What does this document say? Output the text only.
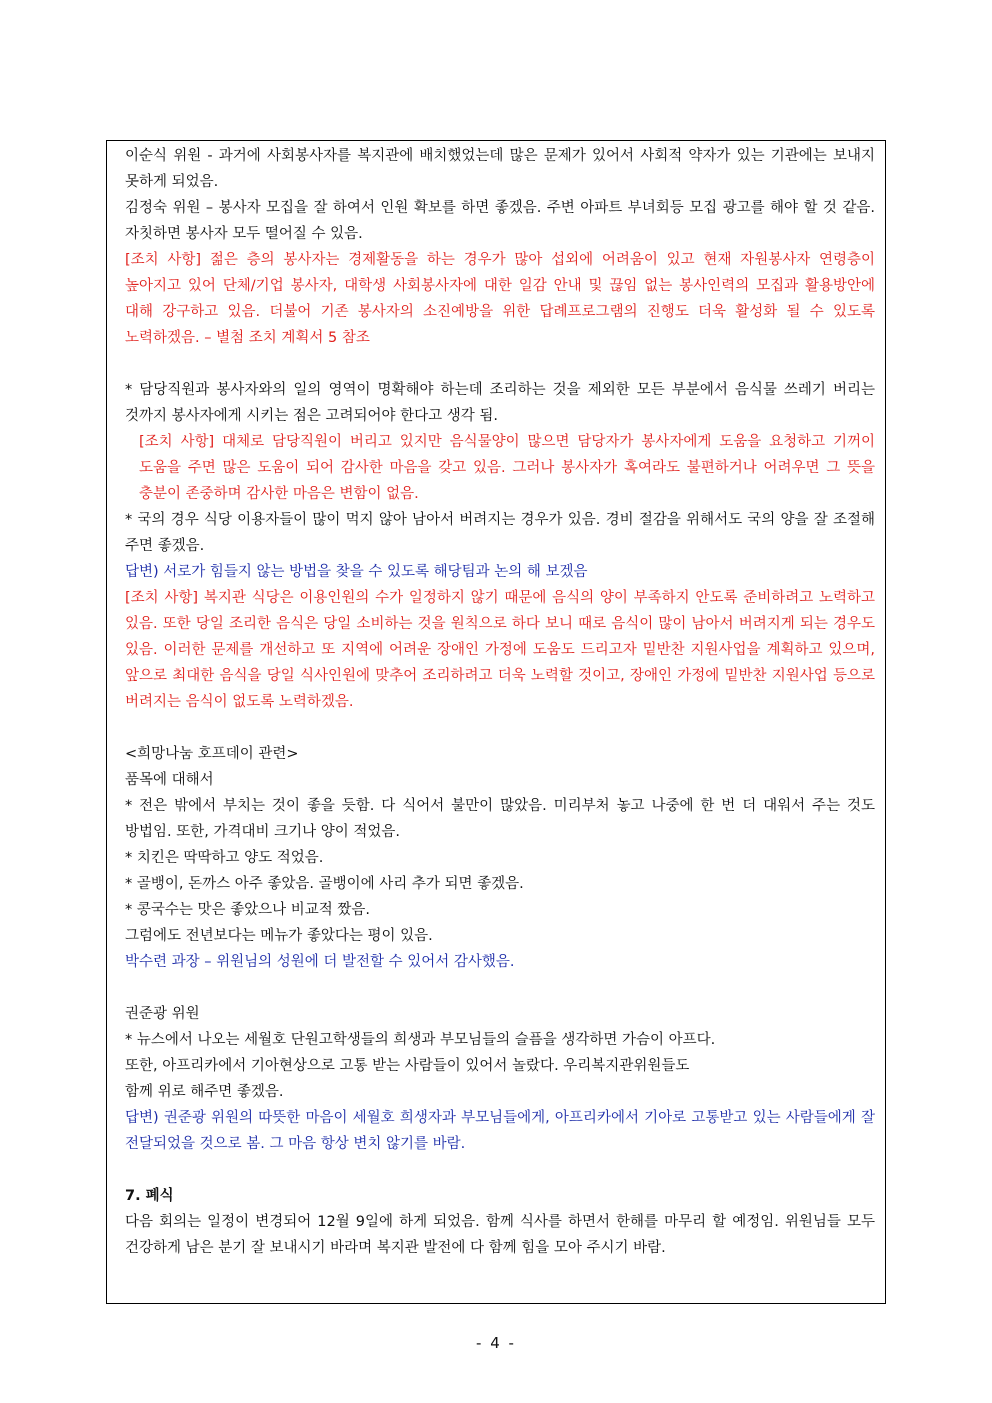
이순식 위원 - 과거에 사회봉사자를 복지관에 배치했었는데 많은 문제가 있어서 사회적 약자가 있는 기관에는 보내지 못하게 되었음.
김정숙 위원 – 봉사자 모집을 잘 하여서 인원 확보를 하면 좋겠음. 주변 아파트 부녀회등 모집 광고를 해야 할 것 같음. 자칫하면 봉사자 모두 떨어질 수 있음.
[조치 사항] 젊은 층의 봉사자는 경제활동을 하는 경우가 많아 섭외에 어려움이 있고 현재 자원봉사자 연령층이 높아지고 있어 단체/기업 봉사자, 대학생 사회봉사자에 대한 일감 안내 및 끊임 없는 봉사인력의 모집과 활용방안에 대해 강구하고 있음. 더불어 기존 봉사자의 소진예방을 위한 답례프로그램의 진행도 더욱 활성화 될 수 있도록 노력하겠음. – 별첨 조치 계획서 5 참조
* 담당직원과 봉사자와의 일의 영역이 명확해야 하는데 조리하는 것을 제외한 모든 부분에서 음식물 쓰레기 버리는 것까지 봉사자에게 시키는 점은 고려되어야 한다고 생각 됨.
[조치 사항] 대체로 담당직원이 버리고 있지만 음식물양이 많으면 담당자가 봉사자에게 도움을 요청하고 기꺼이 도움을 주면 많은 도움이 되어 감사한 마음을 갖고 있음. 그러나 봉사자가 혹여라도 불편하거나 어려우면 그 뜻을 충분이 존중하며 감사한 마음은 변함이 없음.
* 국의 경우 식당 이용자들이 많이 먹지 않아 남아서 버려지는 경우가 있음. 경비 절감을 위해서도 국의 양을 잘 조절해 주면 좋겠음.
답변) 서로가 힘들지 않는 방법을 찾을 수 있도록 해당팀과 논의 해 보겠음
[조치 사항] 복지관 식당은 이용인원의 수가 일정하지 않기 때문에 음식의 양이 부족하지 안도록 준비하려고 노력하고 있음. 또한 당일 조리한 음식은 당일 소비하는 것을 원칙으로 하다 보니 때로 음식이 많이 남아서 버려지게 되는 경우도 있음. 이러한 문제를 개선하고 또 지역에 어려운 장애인 가정에 도움도 드리고자 밑반찬 지원사업을 계획하고 있으며, 앞으로 최대한 음식을 당일 식사인원에 맞추어 조리하려고 더욱 노력할 것이고, 장애인 가정에 밑반찬 지원사업 등으로 버려지는 음식이 없도록 노력하겠음.
<희망나눔 호프데이 관련>
품목에 대해서
* 전은 밖에서 부치는 것이 좋을 듯함. 다 식어서 불만이 많았음. 미리부처 놓고 나중에 한 번 더 대워서 주는 것도 방법임. 또한, 가격대비 크기나 양이 적었음.
* 치킨은 딱딱하고 양도 적었음.
* 골뱅이, 돈까스 아주 좋았음. 골뱅이에 사리 추가 되면 좋겠음.
* 콩국수는 맛은 좋았으나 비교적 짰음.
그럼에도 전년보다는 메뉴가 좋았다는 평이 있음.
박수련 과장 – 위원님의 성원에 더 발전할 수 있어서 감사했음.
권준광 위원
* 뉴스에서 나오는 세월호 단원고학생들의 희생과 부모님들의 슬픔을 생각하면 가슴이 아프다.
또한, 아프리카에서 기아현상으로 고통 받는 사람들이 있어서 놀랐다. 우리복지관위원들도
함께 위로 해주면 좋겠음.
답변) 권준광 위원의 따뜻한 마음이 세월호 희생자과 부모님들에게, 아프리카에서 기아로 고통받고 있는 사람들에게 잘 전달되었을 것으로 봄. 그 마음 항상 변치 않기를 바람.
7. 폐식
다음 회의는 일정이 변경되어 12월 9일에 하게 되었음. 함께 식사를 하면서 한해를 마무리 할 예정임. 위원님들 모두 건강하게 남은 분기 잘 보내시기 바라며 복지관 발전에 다 함께 힘을 모아 주시기 바람.
- 4 -
